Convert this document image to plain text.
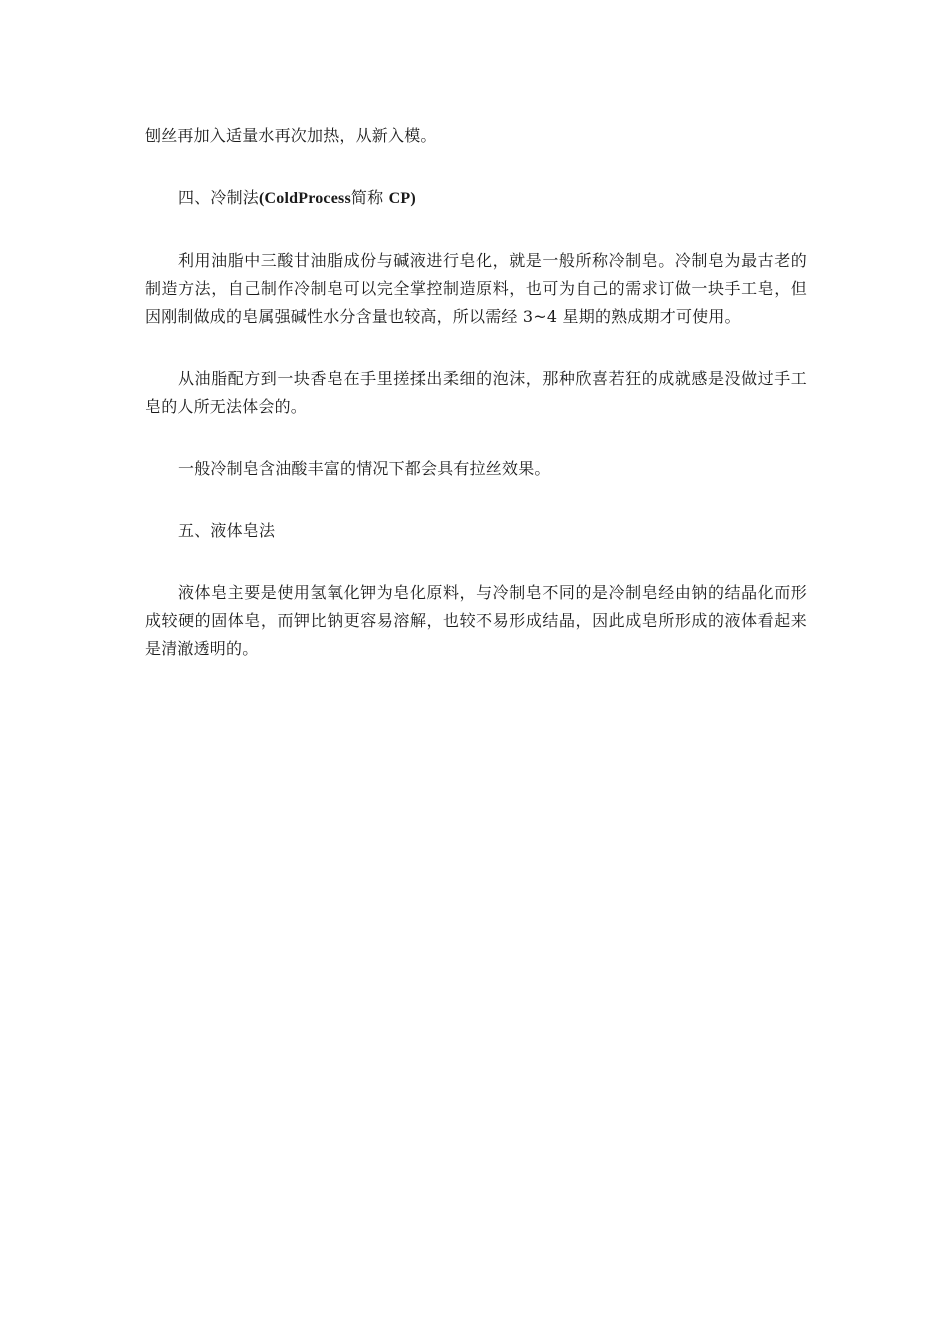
刨丝再加入适量水再次加热，从新入模。

四、冷制法(ColdProcess简称 CP)

利用油脂中三酸甘油脂成份与碱液进行皂化，就是一般所称冷制皂。冷制皂为最古老的制造方法，自己制作冷制皂可以完全掌控制造原料，也可为自己的需求订做一块手工皂，但因刚制做成的皂属强碱性水分含量也较高，所以需经 3~4 星期的熟成期才可使用。

从油脂配方到一块香皂在手里搓揉出柔细的泡沫，那种欣喜若狂的成就感是没做过手工皂的人所无法体会的。

一般冷制皂含油酸丰富的情况下都会具有拉丝效果。

五、液体皂法

液体皂主要是使用氢氧化钾为皂化原料，与冷制皂不同的是冷制皂经由钠的结晶化而形成较硬的固体皂，而钾比钠更容易溶解，也较不易形成结晶，因此成皂所形成的液体看起来是清澈透明的。
